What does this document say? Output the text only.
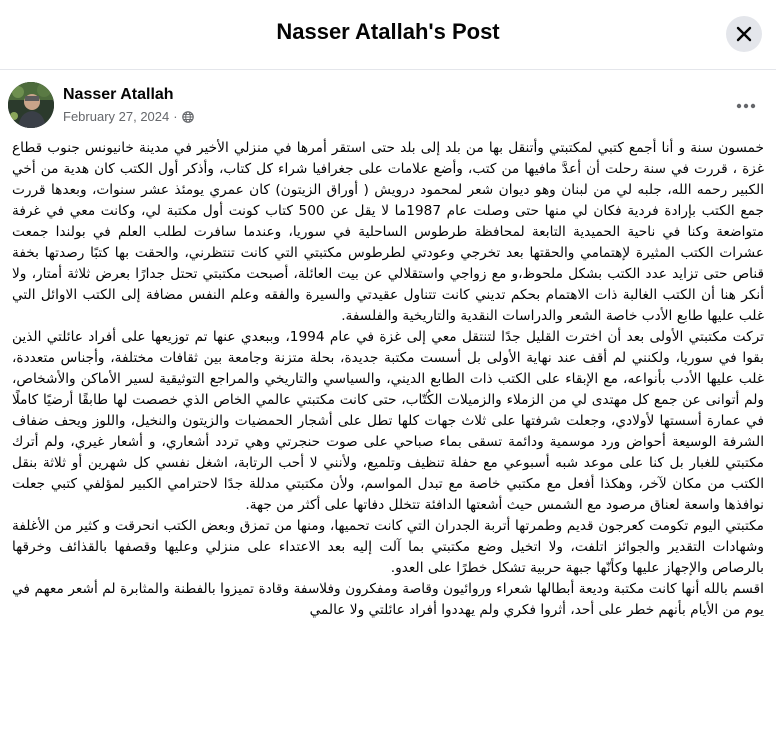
Nasser Atallah's Post
Nasser Atallah
February 27, 2024 ·

خمسون سنة و أنا أجمع كتبي لمكتبتي وأتنقل بها من بلد إلى بلد حتى استقر أمرها في منزلي الأخير في مدينة خانيونس جنوب قطاع غزة ، قررت في سنة رحلت أن أعدَّ مافيها من كتب، وأضع علامات على جغرافيا شراء كل كتاب، وأذكر أول الكتب كان هدية من أخي الكبير رحمه الله، جلبه لي من لبنان وهو ديوان شعر لمحمود درويش ( أوراق الزيتون) كان عمري يومئذ عشر سنوات، وبعدها قررت جمع الكتب بإرادة فردية فكان لي منها حتى وصلت عام 1987ما لا يقل عن 500 كتاب كونت أول مكتبة لي، وكانت معي في غرفة متواضعة وكنا في ناحية الحميدية التابعة لمحافظة طرطوس الساحلية في سوريا، وعندما سافرت لطلب العلم في بولندا جمعت عشرات الكتب المثيرة لإهتمامي والحقتها بعد تخرجي وعودتي لطرطوس مكتبتي التي كانت تنتظرني، والحقت بها كتبًا رصدتها بخفة قناص حتى تزايد عدد الكتب بشكل ملحوظ،و مع زواجي واستقلالي عن بيت العائلة، أصبحت مكتبتي تحتل جدارًا بعرض ثلاثة أمتار، ولا أنكر هنا أن الكتب الغالبة ذات الاهتمام بحكم تديني كانت تتناول عقيدتي والسيرة والفقه وعلم النفس مضافة إلى الكتب الاوائل التي غلب عليها طابع الأدب خاصة الشعر والدراسات النقدية والتاريخية والفلسفة.

تركت مكتبتي الأولى بعد أن اخترت القليل جدًا لتنتقل معي إلى غزة في عام 1994، وببعدي عنها تم توزيعها على أفراد عائلتي الذين بقوا في سوريا، ولكنني لم أقف عند نهاية الأولى بل أسست مكتبة جديدة، بحلة متزنة وجامعة بين ثقافات مختلفة، وأجناس متعددة، غلب عليها الأدب بأنواعه، مع الإبقاء على الكتب ذات الطابع الديني، والسياسي والتاريخي والمراجع التوثيقية لسير الأماكن والأشخاص، ولم أتوانى عن جمع كل مهتدى لي من الزملاء والزميلات الكُتّاب، حتى كانت مكتبتي عالمي الخاص الذي خصصت لها طابقًا أرضيًا كاملًا في عمارة أسستها لأولادي، وجعلت شرفتها على ثلاث جهات كلها تطل على أشجار الحمضيات والزيتون والنخيل، واللوز ويحف ضفاف الشرفة الوسيعة أحواض ورد موسمية ودائمة تسقى بماء صباحي على صوت حنجرتي وهي تردد أشعاري، و أشعار غيري، ولم أترك مكتبتي للغبار بل كنا على موعد شبه أسبوعي مع حفلة تنظيف وتلميع، ولأنني لا أحب الرتابة، اشغل نفسي كل شهرين أو ثلاثة بنقل الكتب من مكان لآخر، وهكذا أفعل مع مكتبي خاصة مع تبدل المواسم، ولأن مكتبتي مدللة جدًا لاحترامي الكبير لمؤلفي كتبي جعلت نوافذها واسعة لعناق مرصود مع الشمس حيث أشعتها الدافئة تتخلل دفاتها على أكثر من جهة.

مكتبتي اليوم تكومت كعرجون قديم وطمرتها أتربة الجدران التي كانت تحميها، ومنها من تمزق وبعض الكتب انحرقت و كثير من الأغلفة وشهادات التقدير والجوائز اتلفت، ولا اتخيل وضع مكتبتي بما آلت إليه بعد الاعتداء على منزلي وعليها وقصفها بالقذائف وخرقها بالرصاص والإجهاز عليها وكأنّها جبهة حربية تشكل خطرًا على العدو.

اقسم بالله أنها كانت مكتبة وديعة أبطالها شعراء وروائيون وقاصة ومفكرون وفلاسفة وقادة تميزوا بالفطنة والمثابرة لم أشعر معهم في يوم من الأيام بأنهم خطر على أحد، أثروا فكري ولم يهددوا أفراد عائلتي ولا عالمي
